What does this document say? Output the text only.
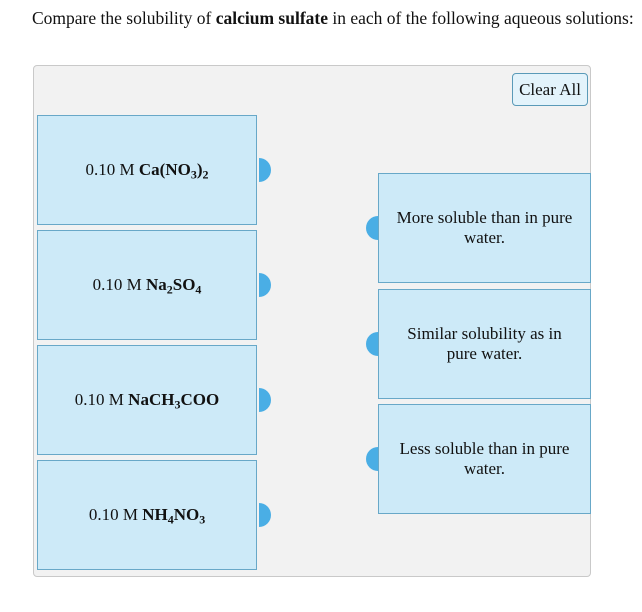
Compare the solubility of calcium sulfate in each of the following aqueous solutions:
Clear All
0.10 M $Ca(NO_3)_2$
0.10 M $Na_2SO_4$
0.10 M NaCH$_3$COO
0.10 M $NH_4NO_3$
More soluble than in pure water.
Similar solubility as in pure water.
Less soluble than in pure water.
